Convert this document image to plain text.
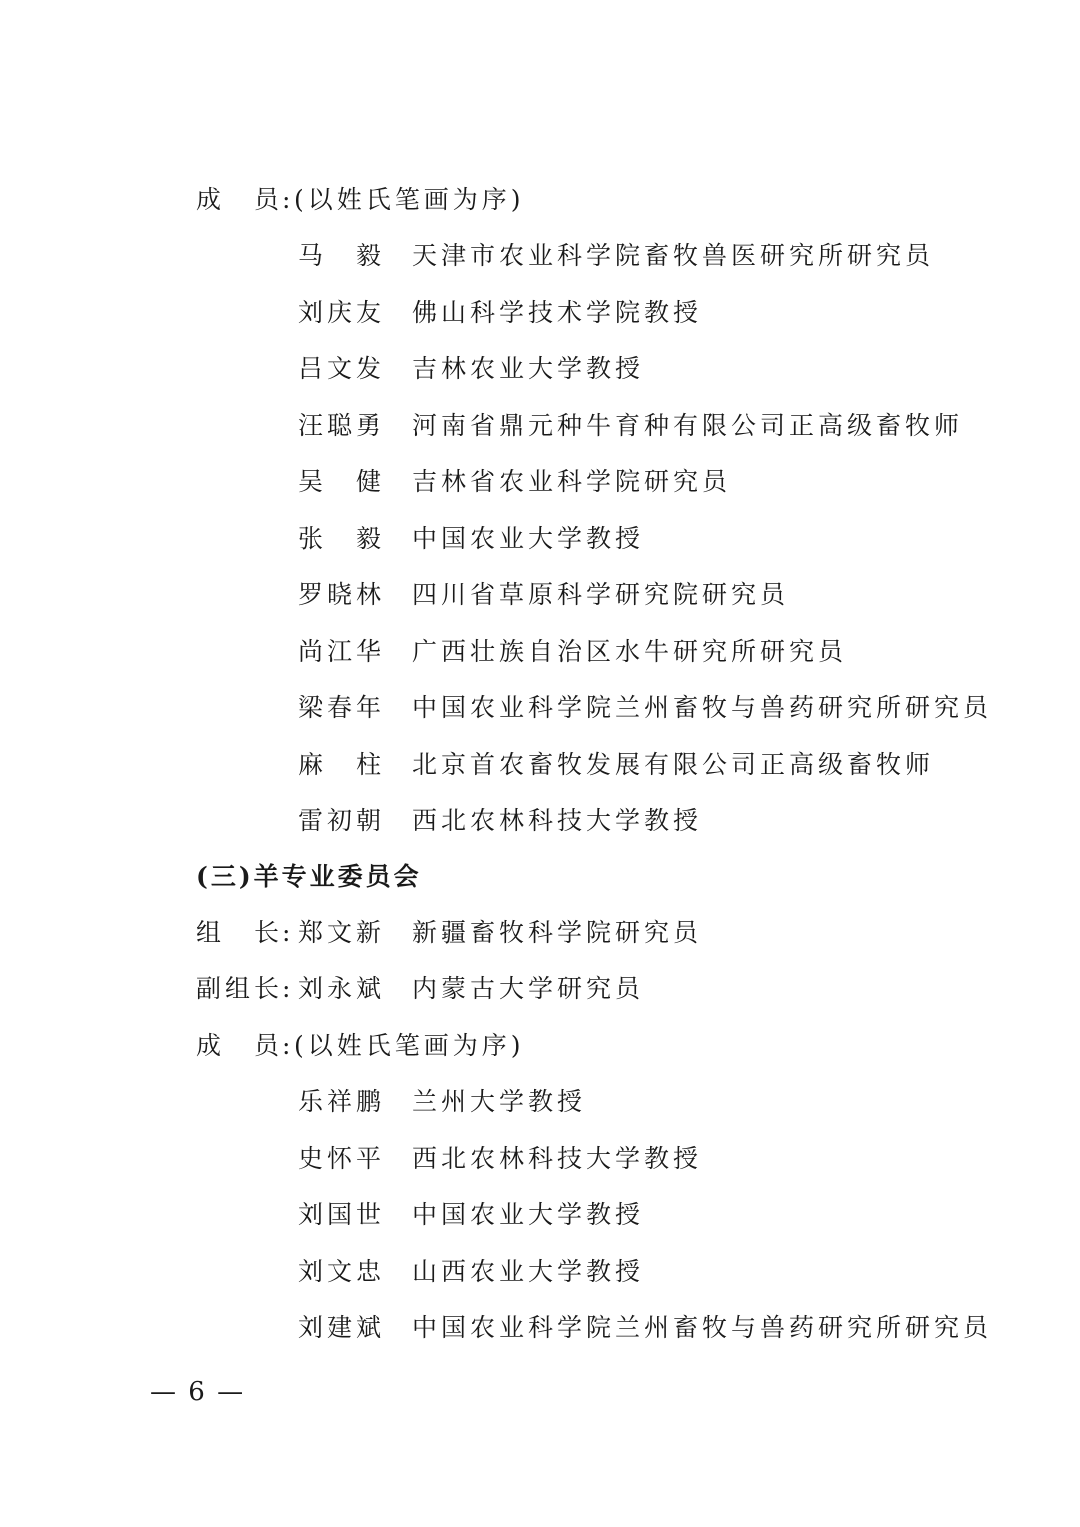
成　员
: (以姓氏笔画为序)
马　毅 天津市农业科学院畜牧兽医研究所研究员
刘庆友 佛山科学技术学院教授
吕文发 吉林农业大学教授
汪聪勇 河南省鼎元种牛育种有限公司正高级畜牧师
吴　健 吉林省农业科学院研究员
张　毅 中国农业大学教授
罗晓林 四川省草原科学研究院研究员
尚江华 广西壮族自治区水牛研究所研究员
梁春年 中国农业科学院兰州畜牧与兽药研究所研究员
麻　柱 北京首农畜牧发展有限公司正高级畜牧师
雷初朝 西北农林科技大学教授
(三)羊专业委员会
组　长
: 郑文新 新疆畜牧科学院研究员
副组长
: 刘永斌 内蒙古大学研究员
成　员
: (以姓氏笔画为序)
乐祥鹏 兰州大学教授
史怀平 西北农林科技大学教授
刘国世 中国农业大学教授
刘文忠 山西农业大学教授
刘建斌 中国农业科学院兰州畜牧与兽药研究所研究员
— 6 —
